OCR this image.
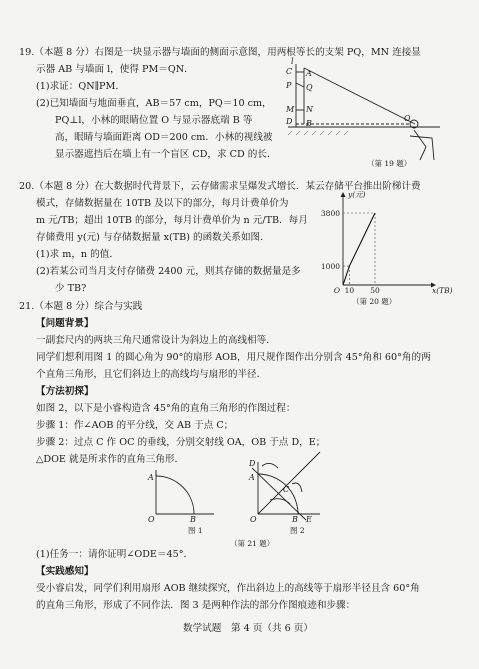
19.（本题 8 分）右图是一块显示器与墙面的侧面示意图，用两根等长的支架 PQ，MN 连接显
示器 AB 与墙面 l，使得 PM＝QN．
(1)求证：QN∥PM．
(2)已知墙面与地面垂直，AB＝57 cm，PQ＝10 cm，
PQ⊥l，小林的眼睛位置 O 与显示器底端 B 等
高，眼睛与墙面距离 OD＝200 cm．小林的视线被
显示器遮挡后在墙上有一个盲区 CD，求 CD 的长．
l
C A
P Q
M N
D B
O
（第 19 题）
20.（本题 8 分）在大数据时代背景下，云存储需求呈爆发式增长．某云存储平台推出阶梯计费
模式，存储数据量在 10TB 及以下的部分，每月计费单价为
m 元/TB；超出 10TB 的部分，每月计费单价为 n 元/TB．每月
存储费用 y(元) 与存储数据量 x(TB) 的函数关系如图．
(1)求 m，n 的值．
(2)若某公司当月支付存储费 2400 元，则其存储的数据量是多
少 TB?	O 10 50
1000
3800
y(元)
x(TB)
（第 20 题）
21.（本题 8 分）综合与实践
【问题背景】
一副套尺内的两块三角尺通常设计为斜边上的高线相等．
同学们想利用图 1 的圆心角为 90°的扇形 AOB，用尺规作图作出分别含 45°角和 60°角的两
个直角三角形，且它们斜边上的高线均与扇形的半径．
【方法初探】
如图 2，以下是小睿构造含 45°角的直角三角形的作图过程：
步骤 1：作∠AOB 的平分线，交 AB 于点 C；
步骤 2：过点 C 作 OC 的垂线，分别交射线 OA，OB 于点 D，E；
△DOE 就是所求作的直角三角形．
A
O	B
D
A
C
O	B E
图 1	图 2
（第 21 题）
(1)任务一：请你证明∠ODE＝45°．
【实践感知】
受小睿启发，同学们利用扇形 AOB 继续探究，作出斜边上的高线等于扇形半径且含 60°角
的直角三角形，形成了不同作法．图 3 是两种作法的部分作图痕迹和步骤：
数学试题　第 4 页（共 6 页）
